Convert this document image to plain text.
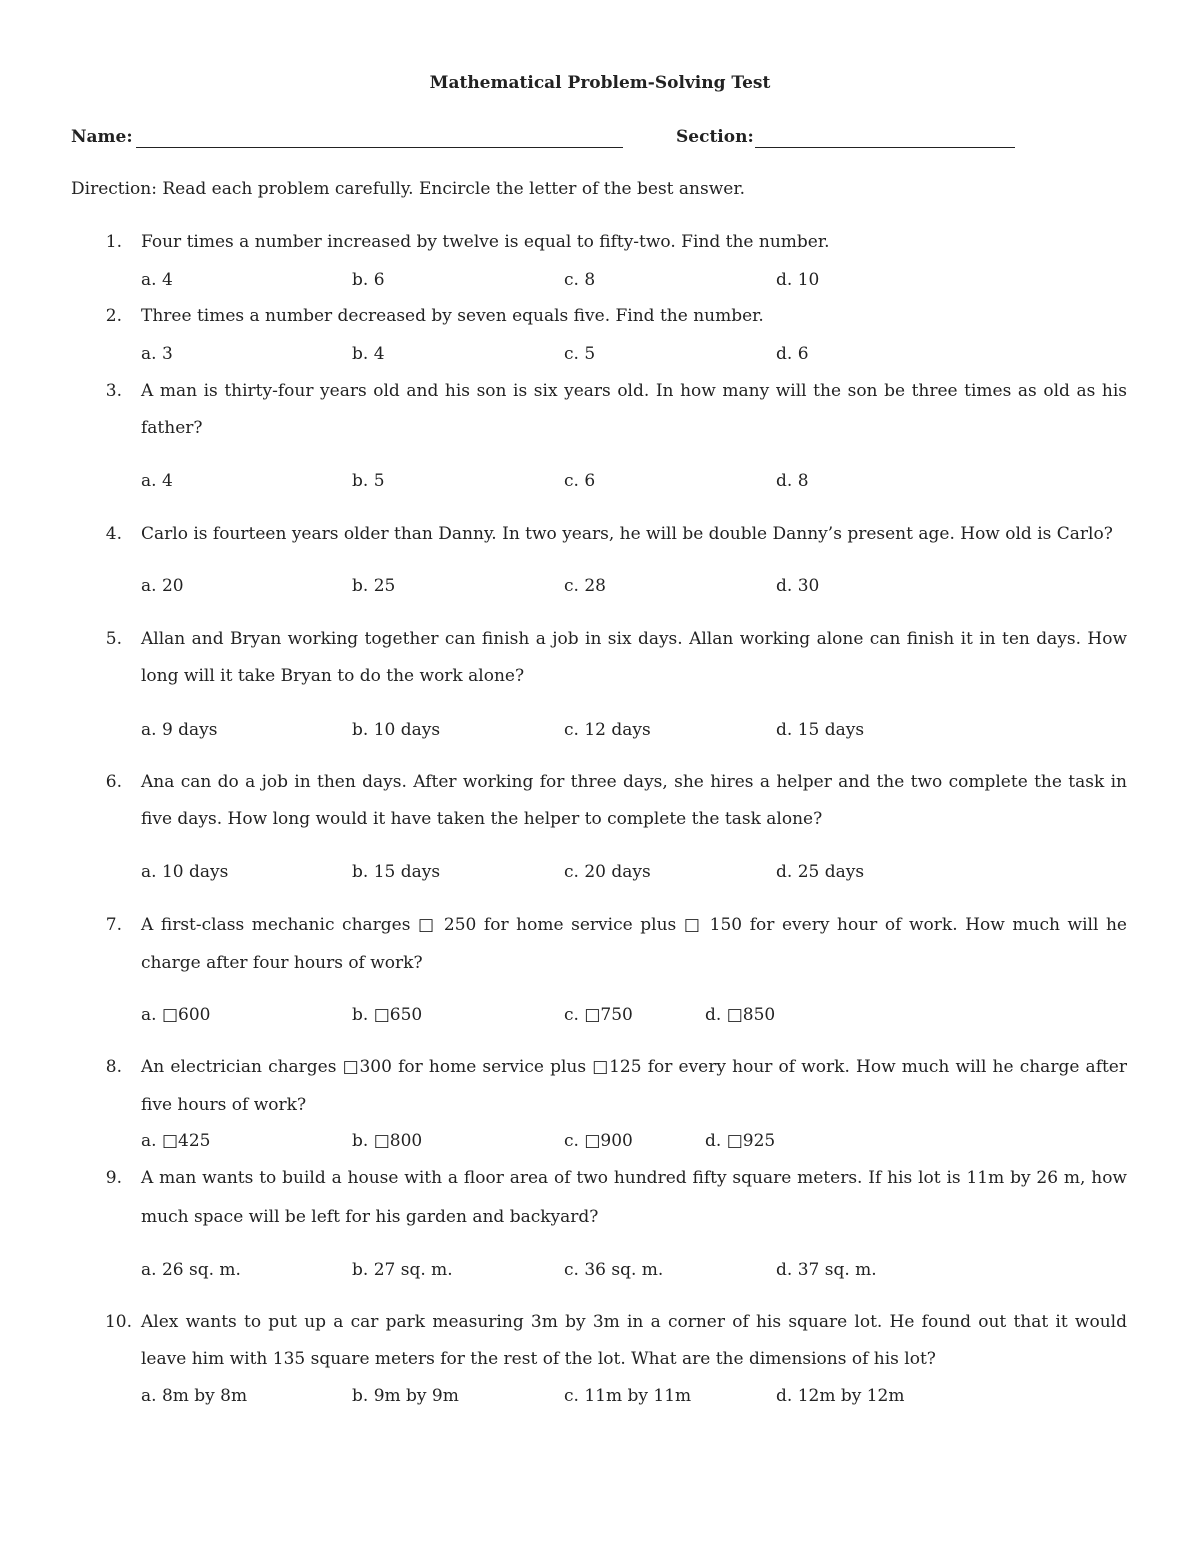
Mathematical Problem-Solving Test
Name:	Section:
Direction: Read each problem carefully. Encircle the letter of the best answer.
1. Four times a number increased by twelve is equal to fifty-two. Find the number.
a. 4	b. 6	c. 8	d. 10
2. Three times a number decreased by seven equals five. Find the number.
a. 3	b. 4	c. 5	d. 6
3. A man is thirty-four years old and his son is six years old. In how many will the son be three times as old as his
father?
a. 4	b. 5	c. 6	d. 8
4. Carlo is fourteen years older than Danny. In two years, he will be double Danny’s present age. How old is Carlo?
a. 20	b. 25	c. 28	d. 30
5. Allan and Bryan working together can finish a job in six days. Allan working alone can finish it in ten days. How
long will it take Bryan to do the work alone?
a. 9 days	b. 10 days	c. 12 days	d. 15 days
6. Ana can do a job in then days. After working for three days, she hires a helper and the two complete the task in
five days. How long would it have taken the helper to complete the task alone?
a. 10 days	b. 15 days	c. 20 days	d. 25 days
7. A first-class mechanic charges □ 250 for home service plus □ 150 for every hour of work. How much will he
charge after four hours of work?
a. □600	b. □650	c. □750	d. □850
8. An electrician charges □300 for home service plus □125 for every hour of work. How much will he charge after
five hours of work?
a. □425	b. □800	c. □900	d. □925
9. A man wants to build a house with a floor area of two hundred fifty square meters. If his lot is 11m by 26 m, how
much space will be left for his garden and backyard?
a. 26 sq. m.	b. 27 sq. m.	c. 36 sq. m.	d. 37 sq. m.
10. Alex wants to put up a car park measuring 3m by 3m in a corner of his square lot. He found out that it would
leave him with 135 square meters for the rest of the lot. What are the dimensions of his lot?
a. 8m by 8m	b. 9m by 9m	c. 11m by 11m	d. 12m by 12m
